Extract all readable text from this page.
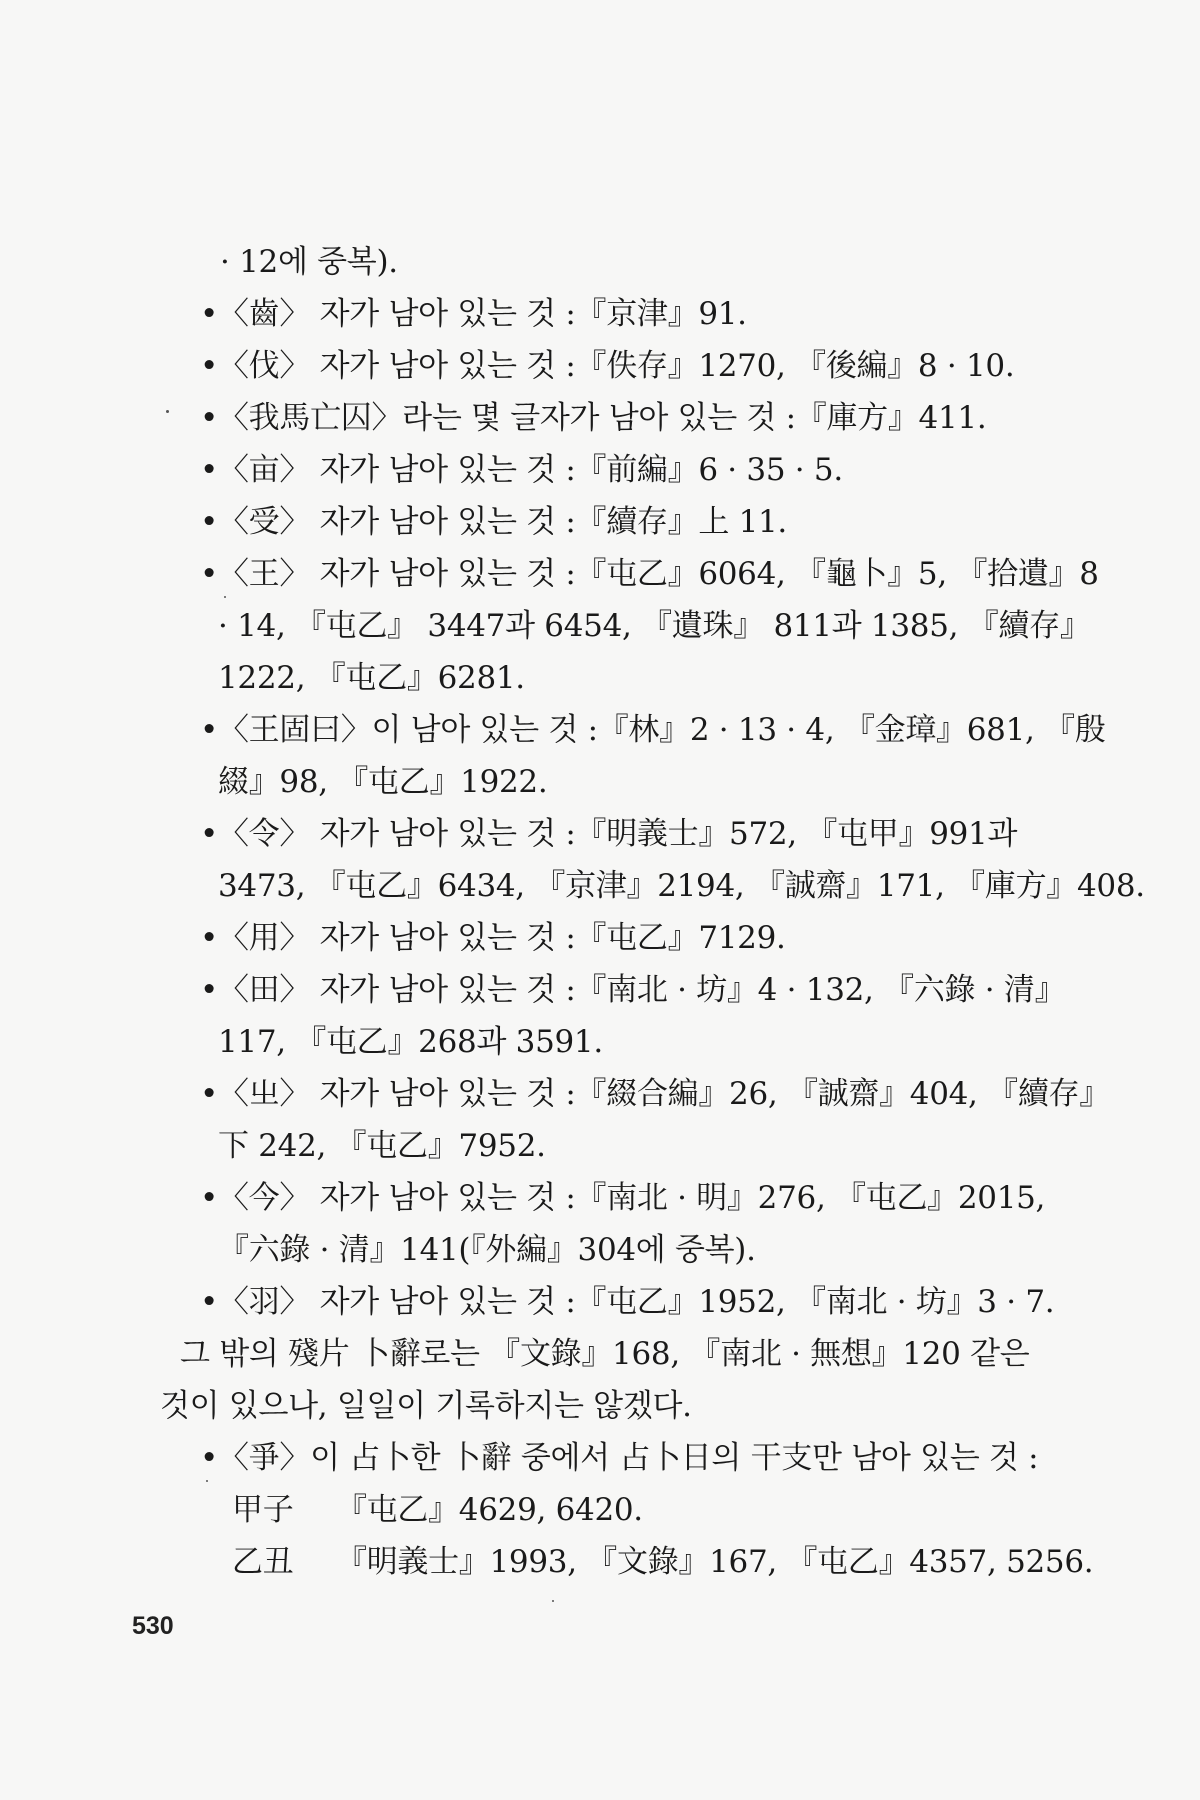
· 12에 중복).
•〈齒〉 자가 남아 있는 것 :『京津』91.
•〈伐〉 자가 남아 있는 것 :『佚存』1270, 『後編』8 · 10.
•〈我馬亡囚〉라는 몇 글자가 남아 있는 것 :『庫方』411.
•〈亩〉 자가 남아 있는 것 :『前編』6 · 35 · 5.
•〈受〉 자가 남아 있는 것 :『續存』上 11.
•〈王〉 자가 남아 있는 것 :『屯乙』6064, 『龜卜』5, 『拾遺』8
· 14, 『屯乙』 3447과 6454, 『遺珠』 811과 1385, 『續存』
1222, 『屯乙』6281.
•〈王固曰〉이 남아 있는 것 :『林』2 · 13 · 4, 『金璋』681, 『殷
綴』98, 『屯乙』1922.
•〈令〉 자가 남아 있는 것 :『明義士』572, 『屯甲』991과
3473, 『屯乙』6434, 『京津』2194, 『誠齋』171, 『庫方』408.
•〈用〉 자가 남아 있는 것 :『屯乙』7129.
•〈田〉 자가 남아 있는 것 :『南北 · 坊』4 · 132, 『六錄 · 清』
117, 『屯乙』268과 3591.
•〈㞢〉 자가 남아 있는 것 :『綴合編』26, 『誠齋』404, 『續存』
下 242, 『屯乙』7952.
•〈今〉 자가 남아 있는 것 :『南北 · 明』276, 『屯乙』2015,
『六錄 · 清』141(『外編』304에 중복).
•〈羽〉 자가 남아 있는 것 :『屯乙』1952, 『南北 · 坊』3 · 7.
그 밖의 殘片 卜辭로는 『文錄』168, 『南北 · 無想』120 같은
것이 있으나, 일일이 기록하지는 않겠다.
•〈爭〉이 占卜한 卜辭 중에서 占卜日의 干支만 남아 있는 것 :
甲子 『屯乙』4629, 6420.
乙丑 『明義士』1993, 『文錄』167, 『屯乙』4357, 5256.
530
